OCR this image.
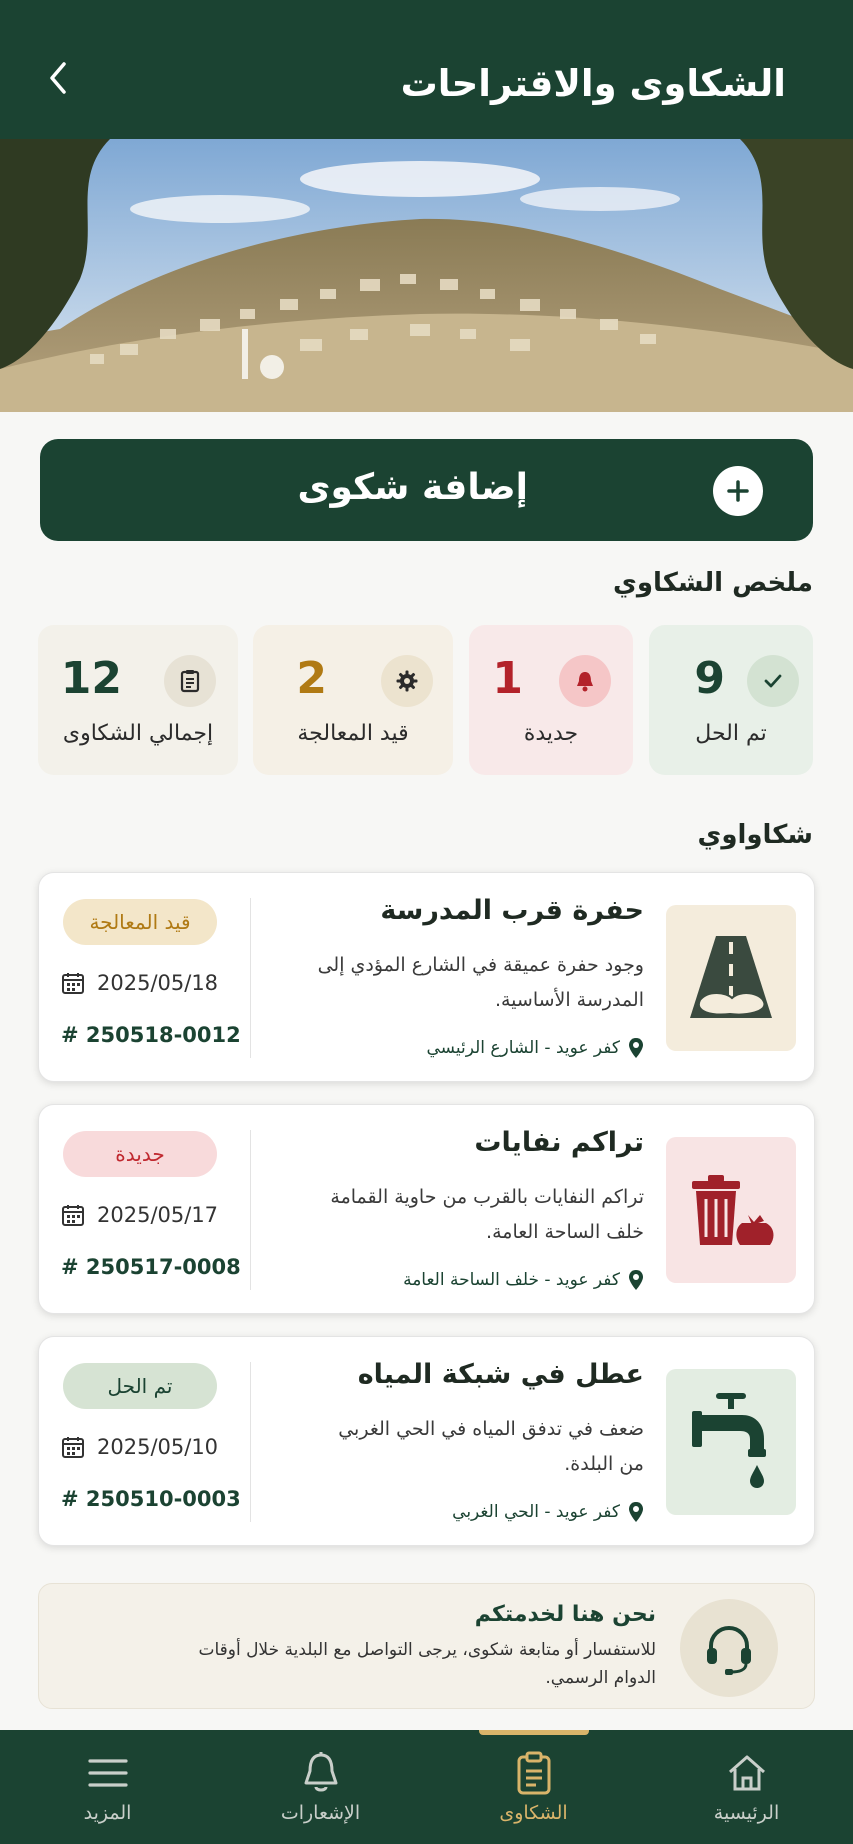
الشكاوى والاقتراحات
إضافة شكوى
ملخص الشكاوي
9
تم الحل
1
جديدة
2
قيد المعالجة
12
إجمالي الشكاوى
شكاواوي
حفرة قرب المدرسة
وجود حفرة عميقة في الشارع المؤدي إلى المدرسة الأساسية.
كفر عويد - الشارع الرئيسي
قيد المعالجة
2025/05/18
# 250518-0012
تراكم نفايات
تراكم النفايات بالقرب من حاوية القمامة خلف الساحة العامة.
كفر عويد - خلف الساحة العامة
جديدة
2025/05/17
# 250517-0008
عطل في شبكة المياه
ضعف في تدفق المياه في الحي الغربي من البلدة.
كفر عويد - الحي الغربي
تم الحل
2025/05/10
# 250510-0003
نحن هنا لخدمتكم
للاستفسار أو متابعة شكوى، يرجى التواصل مع البلدية خلال أوقات الدوام الرسمي.
الرئيسية
الشكاوى
الإشعارات
المزيد
